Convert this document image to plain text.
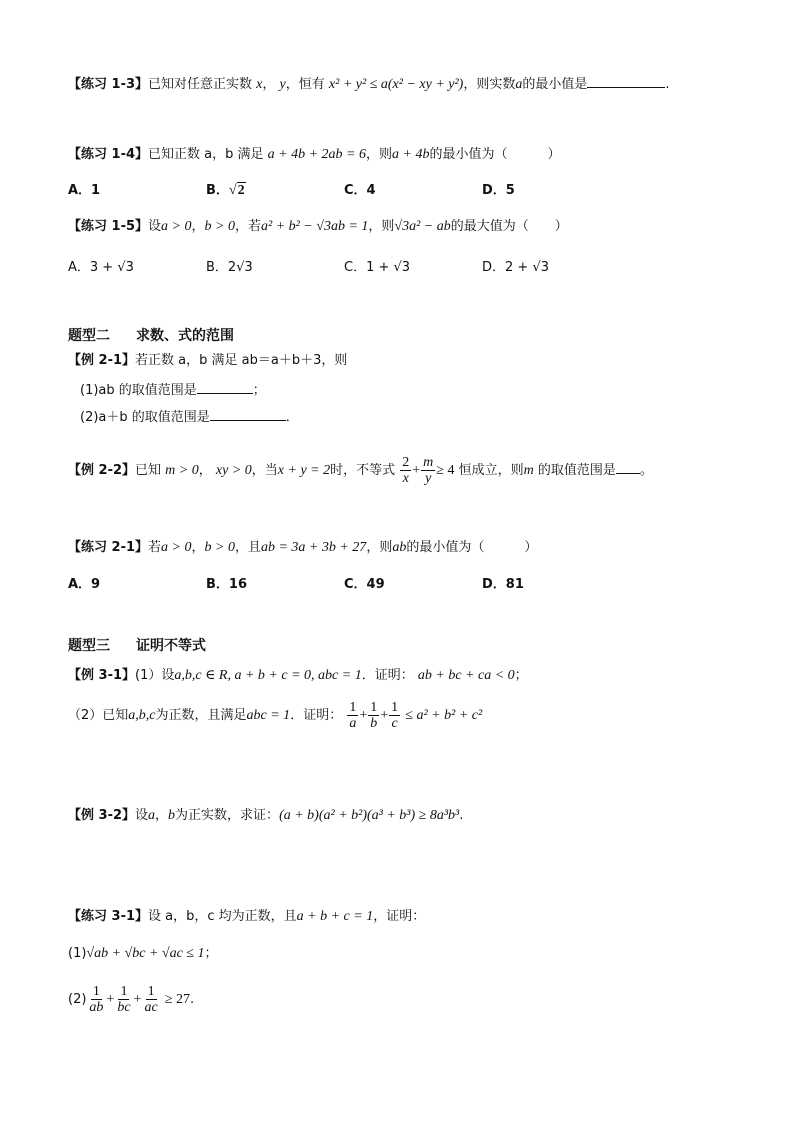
【练习 1-3】已知对任意正实数 x， y，恒有 x² + y² ≤ a(x² − xy + y²)，则实数a的最小值是	.
【练习 1-4】已知正数 a，b 满足 a + 4b + 2ab = 6，则a + 4b的最小值为（	）
A．1	B．√2	C．4	D．5
【练习 1-5】设a > 0，b > 0，若a² + b² − √3ab = 1，则√3a² − ab的最大值为（　　）
A．3 + √3	B．2√3	C．1 + √3	D．2 + √3
题型二 求数、式的范围
【例 2-1】若正数 a，b 满足 ab＝a＋b＋3，则
(1)ab 的取值范围是	；
(2)a＋b 的取值范围是	．
【例 2-2】已知 m > 0， xy > 0，当x + y = 2时，不等式 $\frac{2}{x} + \frac{m}{y} \ge 4$ 恒成立，则m 的取值范围是 。
【练习 2-1】若a > 0，b > 0，且ab = 3a + 3b + 27，则ab的最小值为（	）
A．9	B．16	C．49	D．81
题型三 证明不等式
【例 3-1】(1）设a,b,c ∈ R, a + b + c = 0, abc = 1．证明： ab + bc + ca < 0；
（2）已知a,b,c为正数，且满足abc = 1．证明： $\frac{1}{a} + \frac{1}{b} + \frac{1}{c} \le a^2 + b^2 + c^2$
【例 3-2】设a，b为正实数，求证：(a + b)(a² + b²)(a³ + b³) ≥ 8a³b³.
【练习 3-1】设 a，b，c 均为正数，且a + b + c = 1，证明：
(1)√ab + √bc + √ac ≤ 1；
$(2) \frac{1}{ab} + \frac{1}{bc} + \frac{1}{ac} \ge 27$.
